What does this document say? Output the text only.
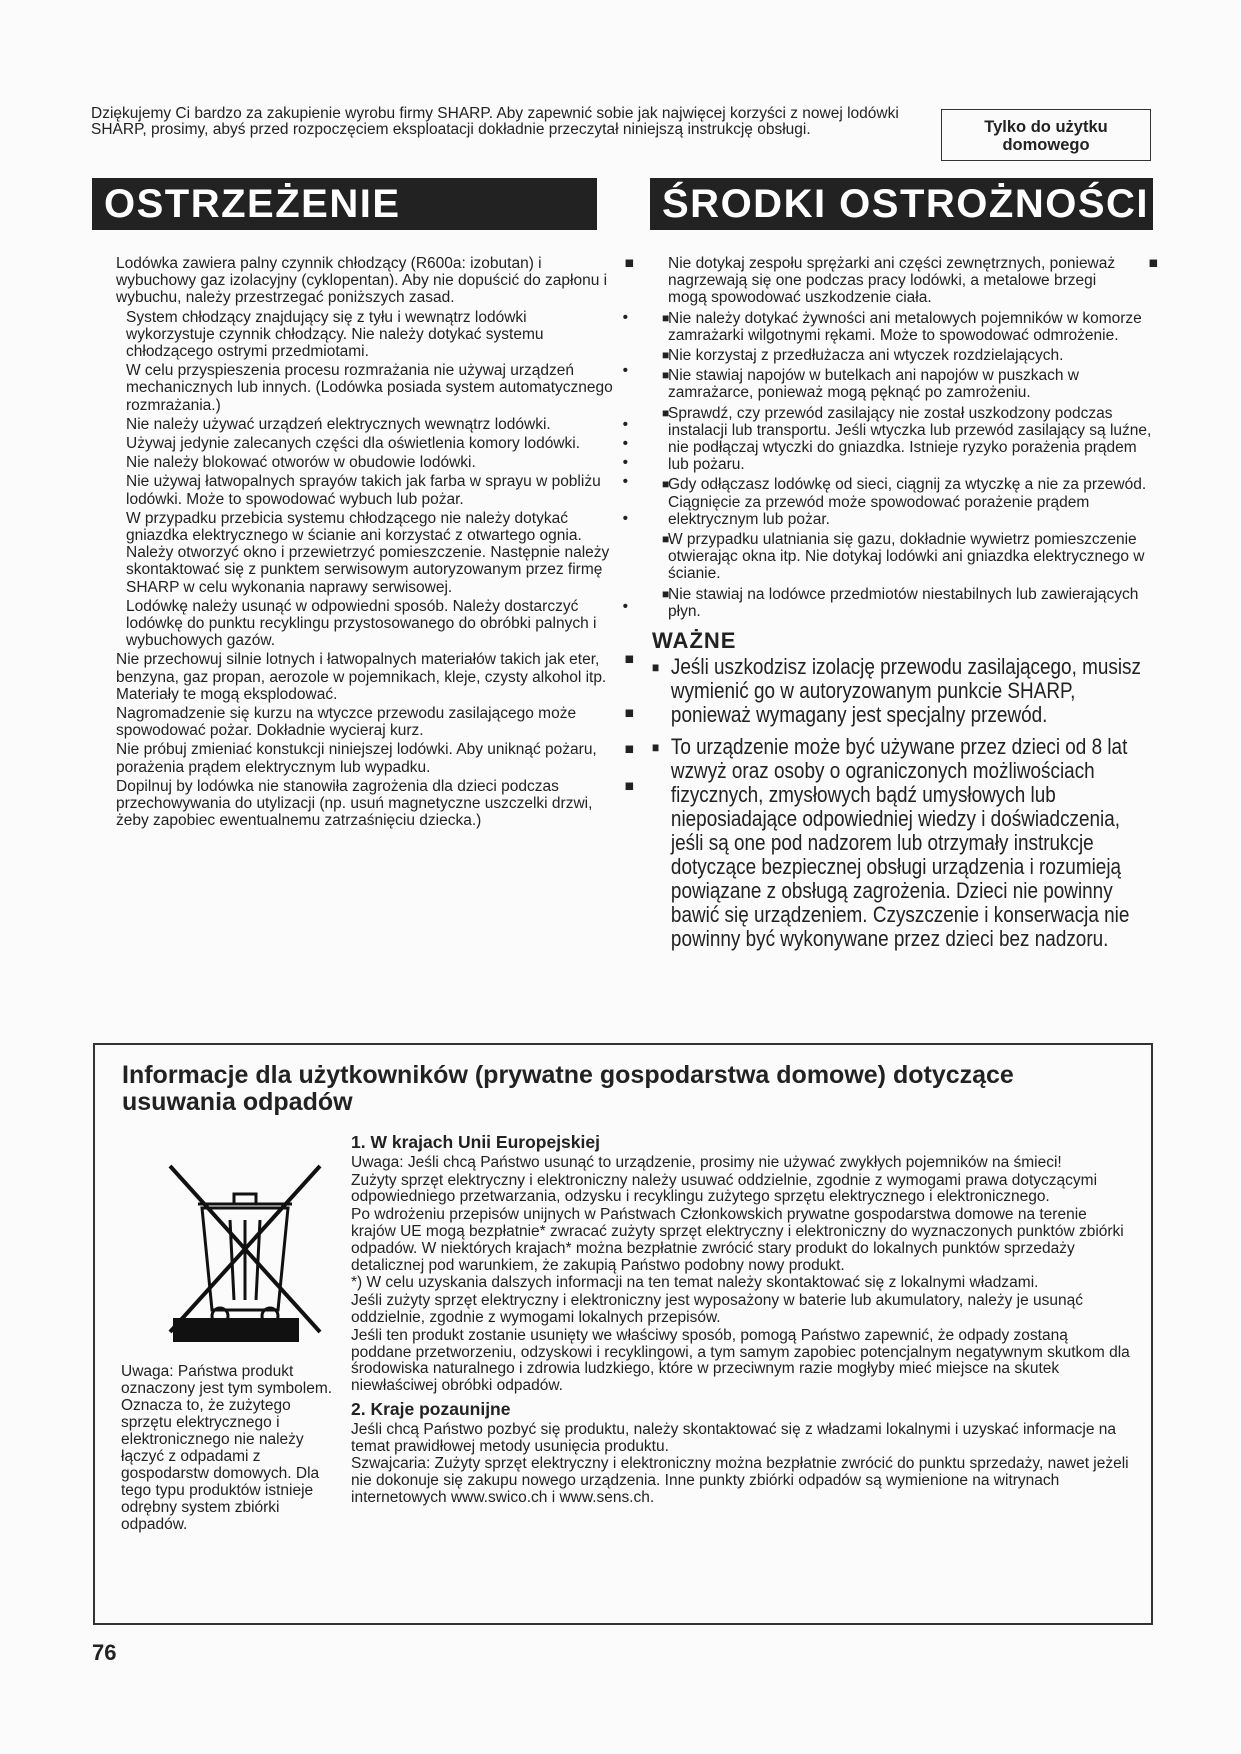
Dziękujemy Ci bardzo za zakupienie wyrobu firmy SHARP. Aby zapewnić sobie jak najwięcej korzyści z nowej lodówki SHARP, prosimy, abyś przed rozpoczęciem eksploatacji dokładnie przeczytał niniejszą instrukcję obsługi.	Tylko do użytku domowego
OSTRZEŻENIE	ŚRODKI OSTROŻNOŚCI
Lodówka zawiera palny czynnik chłodzący (R600a: izobutan) i wybuchowy gaz izolacyjny (cyklopentan). Aby nie dopuścić do zapłonu i wybuchu, należy przestrzegać poniższych zasad.
■
System chłodzący znajdujący się z tyłu i wewnątrz lodówki wykorzystuje czynnik chłodzący. Nie należy dotykać systemu chłodzącego ostrymi przedmiotami.
•
W celu przyspieszenia procesu rozmrażania nie używaj urządzeń mechanicznych lub innych. (Lodówka posiada system automatycznego rozmrażania.)
•
Nie należy używać urządzeń elektrycznych wewnątrz lodówki.	•
Używaj jedynie zalecanych części dla oświetlenia komory lodówki.	•
Nie należy blokować otworów w obudowie lodówki.	•
Nie używaj łatwopalnych sprayów takich jak farba w sprayu w pobliżu lodówki. Może to spowodować wybuch lub pożar.
•
W przypadku przebicia systemu chłodzącego nie należy dotykać gniazdka elektrycznego w ścianie ani korzystać z otwartego ognia. Należy otworzyć okno i przewietrzyć pomieszczenie. Następnie należy skontaktować się z punktem serwisowym autoryzowanym przez firmę SHARP w celu wykonania naprawy serwisowej.
•
Lodówkę należy usunąć w odpowiedni sposób. Należy dostarczyć lodówkę do punktu recyklingu przystosowanego do obróbki palnych i wybuchowych gazów.
•
Nie przechowuj silnie lotnych i łatwopalnych materiałów takich jak eter, benzyna, gaz propan, aerozole w pojemnikach, kleje, czysty alkohol itp. Materiały te mogą eksplodować.
■
Nagromadzenie się kurzu na wtyczce przewodu zasilającego może spowodować pożar. Dokładnie wycieraj kurz.
■
Nie próbuj zmieniać konstukcji niniejszej lodówki. Aby uniknąć pożaru, porażenia prądem elektrycznym lub wypadku.
■
Dopilnuj by lodówka nie stanowiła zagrożenia dla dzieci podczas przechowywania do utylizacji (np. usuń magnetyczne uszczelki drzwi, żeby zapobiec ewentualnemu zatrzaśnięciu dziecka.)
■
Nie dotykaj zespołu sprężarki ani części zewnętrznych, ponieważ nagrzewają się one podczas pracy lodówki, a metalowe brzegi mogą spowodować uszkodzenie ciała.
■
■
Nie należy dotykać żywności ani metalowych pojemników w komorze zamrażarki wilgotnymi rękami. Może to spowodować odmrożenie.
■
Nie korzystaj z przedłużacza ani wtyczek rozdzielających.
■
Nie stawiaj napojów w butelkach ani napojów w puszkach w zamrażarce, ponieważ mogą pęknąć po zamrożeniu.
■
Sprawdź, czy przewód zasilający nie został uszkodzony podczas instalacji lub transportu. Jeśli wtyczka lub przewód zasilający są luźne, nie podłączaj wtyczki do gniazdka. Istnieje ryzyko porażenia prądem lub pożaru.
■
Gdy odłączasz lodówkę od sieci, ciągnij za wtyczkę a nie za przewód. Ciągnięcie za przewód może spowodować porażenie prądem elektrycznym lub pożar.
■
W przypadku ulatniania się gazu, dokładnie wywietrz pomieszczenie otwierając okna itp. Nie dotykaj lodówki ani gniazdka elektrycznego w ścianie.
■
Nie stawiaj na lodówce przedmiotów niestabilnych lub zawierających płyn.
WAŻNE
■ Jeśli uszkodzisz izolację przewodu zasilającego, musisz wymienić go w autoryzowanym punkcie SHARP, ponieważ wymagany jest specjalny przewód.
■ To urządzenie może być używane przez dzieci od 8 lat wzwyż oraz osoby o ograniczonych możliwościach fizycznych, zmysłowych bądź umysłowych lub nieposiadające odpowiedniej wiedzy i doświadczenia, jeśli są one pod nadzorem lub otrzymały instrukcje dotyczące bezpiecznej obsługi urządzenia i rozumieją powiązane z obsługą zagrożenia. Dzieci nie powinny bawić się urządzeniem. Czyszczenie i konserwacja nie powinny być wykonywane przez dzieci bez nadzoru.
Informacje dla użytkowników (prywatne gospodarstwa domowe) dotyczące usuwania odpadów
Uwaga: Państwa produkt oznaczony jest tym symbolem. Oznacza to, że zużytego sprzętu elektrycznego i elektronicznego nie należy łączyć z odpadami z gospodarstw domowych. Dla tego typu produktów istnieje odrębny system zbiórki odpadów.
1. W krajach Unii Europejskiej
Uwaga: Jeśli chcą Państwo usunąć to urządzenie, prosimy nie używać zwykłych pojemników na śmieci!
Zużyty sprzęt elektryczny i elektroniczny należy usuwać oddzielnie, zgodnie z wymogami prawa dotyczącymi odpowiedniego przetwarzania, odzysku i recyklingu zużytego sprzętu elektrycznego i elektronicznego.
Po wdrożeniu przepisów unijnych w Państwach Członkowskich prywatne gospodarstwa domowe na terenie krajów UE mogą bezpłatnie* zwracać zużyty sprzęt elektryczny i elektroniczny do wyznaczonych punktów zbiórki odpadów. W niektórych krajach* można bezpłatnie zwrócić stary produkt do lokalnych punktów sprzedaży detalicznej pod warunkiem, że zakupią Państwo podobny nowy produkt.
*) W celu uzyskania dalszych informacji na ten temat należy skontaktować się z lokalnymi władzami.
Jeśli zużyty sprzęt elektryczny i elektroniczny jest wyposażony w baterie lub akumulatory, należy je usunąć oddzielnie, zgodnie z wymogami lokalnych przepisów.
Jeśli ten produkt zostanie usunięty we właściwy sposób, pomogą Państwo zapewnić, że odpady zostaną poddane przetworzeniu, odzyskowi i recyklingowi, a tym samym zapobiec potencjalnym negatywnym skutkom dla środowiska naturalnego i zdrowia ludzkiego, które w przeciwnym razie mogłyby mieć miejsce na skutek niewłaściwej obróbki odpadów.
2. Kraje pozaunijne
Jeśli chcą Państwo pozbyć się produktu, należy skontaktować się z władzami lokalnymi i uzyskać informacje na temat prawidłowej metody usunięcia produktu.
Szwajcaria: Zużyty sprzęt elektryczny i elektroniczny można bezpłatnie zwrócić do punktu sprzedaży, nawet jeżeli nie dokonuje się zakupu nowego urządzenia. Inne punkty zbiórki odpadów są wymienione na witrynach internetowych www.swico.ch i www.sens.ch.
76
